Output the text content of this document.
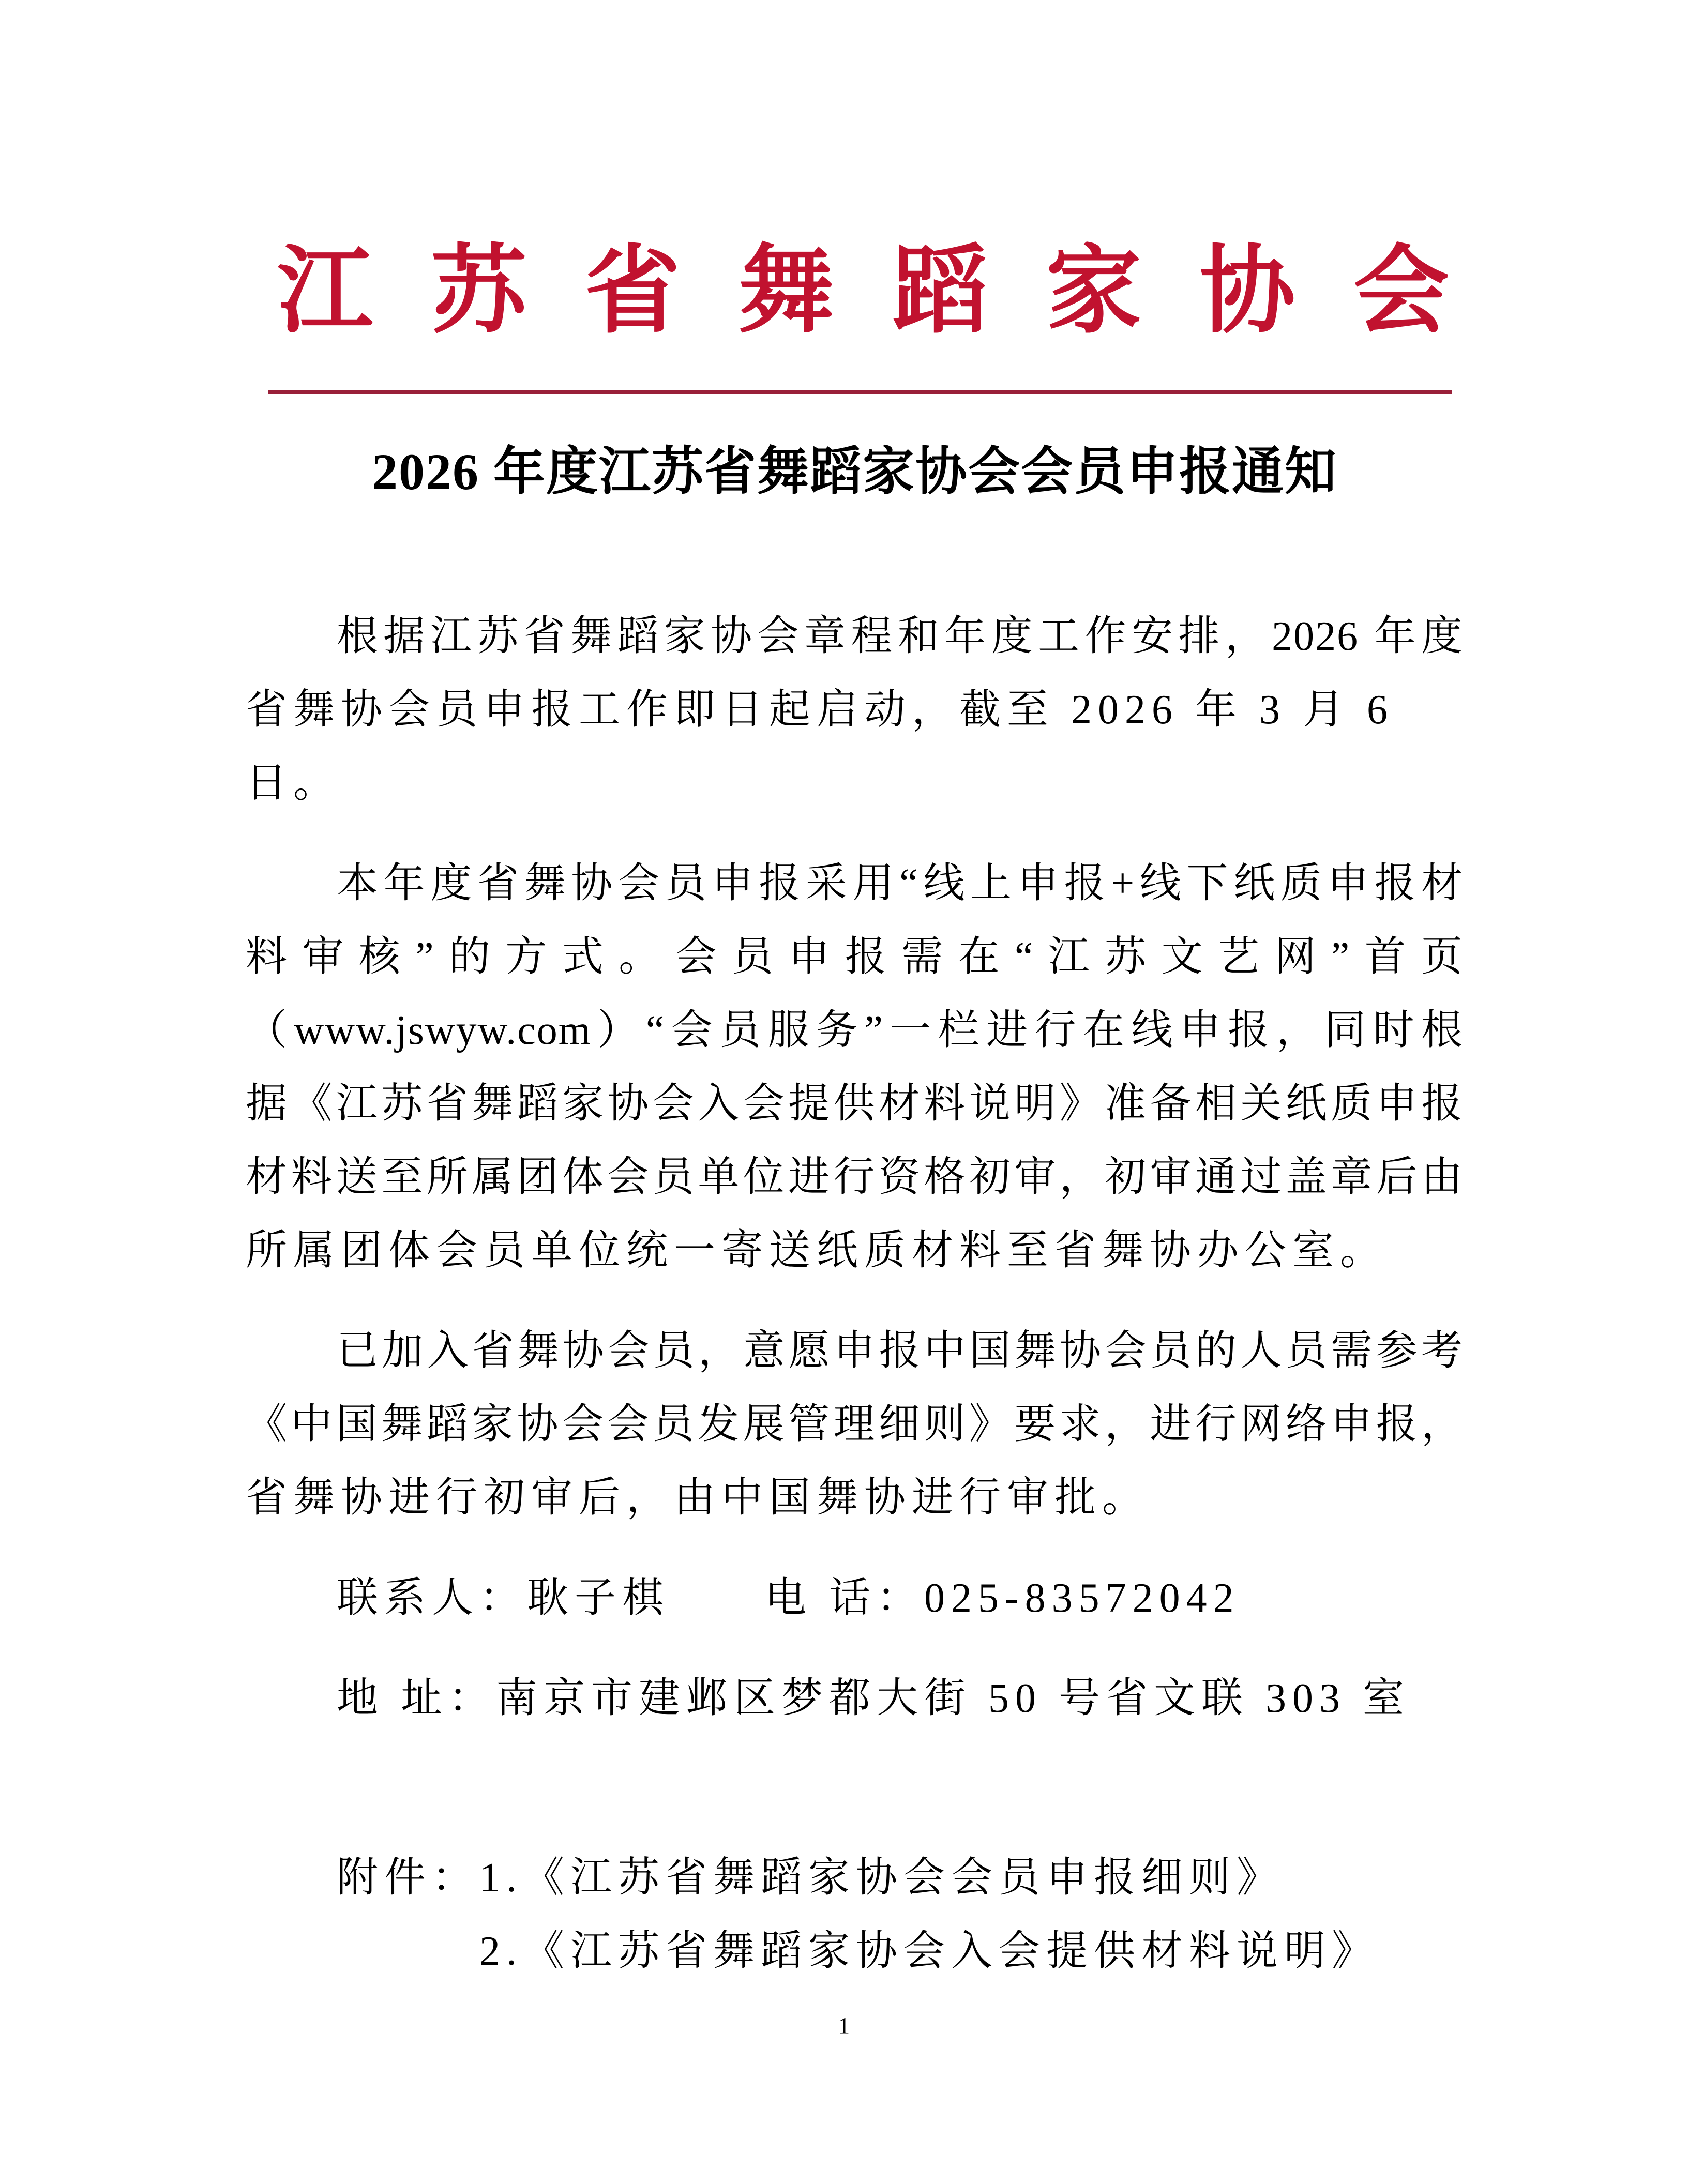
江 苏 省 舞 蹈 家 协 会
2026 年度江苏省舞蹈家协会会员申报通知
根据江苏省舞蹈家协会章程和年度工作安排，2026 年度
省舞协会员申报工作即日起启动，截至 2026 年 3 月 6 日。
本年度省舞协会员申报采用“线上申报+线下纸质申报材
料审核”的方式。会员申报需在“江苏文艺网”首页
（www.jswyw.com）“会员服务”一栏进行在线申报，同时根
据《江苏省舞蹈家协会入会提供材料说明》准备相关纸质申报
材料送至所属团体会员单位进行资格初审，初审通过盖章后由
所属团体会员单位统一寄送纸质材料至省舞协办公室。
已加入省舞协会员，意愿申报中国舞协会员的人员需参考
《中国舞蹈家协会会员发展管理细则》要求，进行网络申报，
省舞协进行初审后，由中国舞协进行审批。
联系人：耿子棋　　电 话：025-83572042
地 址：南京市建邺区梦都大街 50 号省文联 303 室
附件：1.《江苏省舞蹈家协会会员申报细则》
2.《江苏省舞蹈家协会入会提供材料说明》
1
